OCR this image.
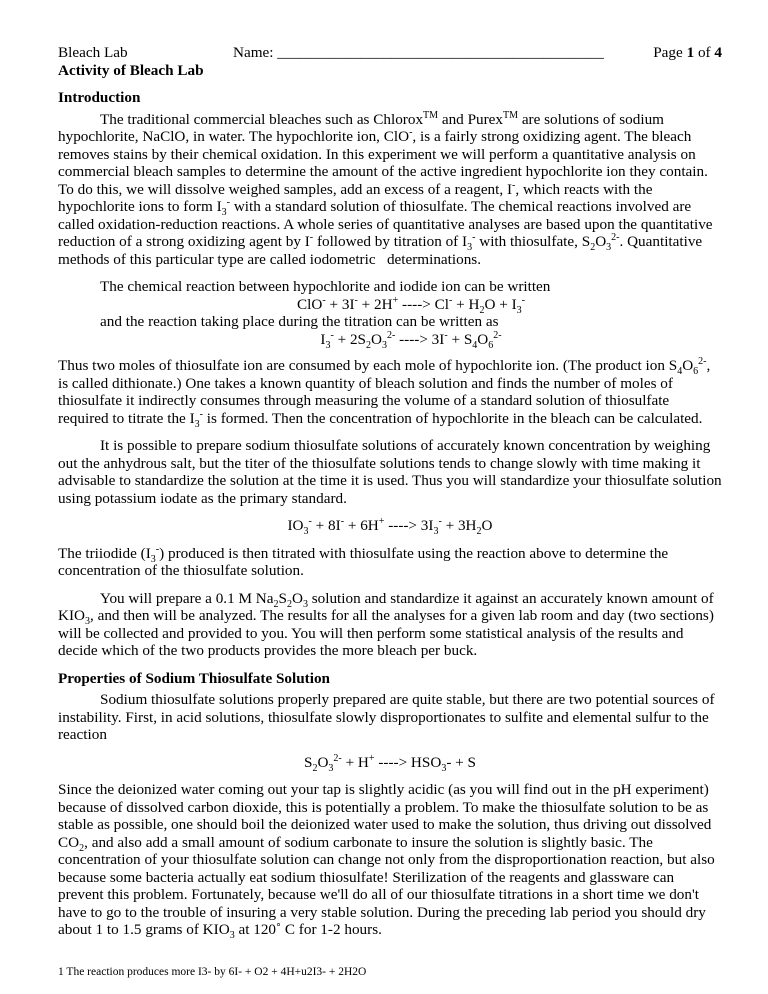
Bleach Lab
Activity of Bleach Lab
Name: ___________________________________________	Page 1 of 4
Introduction

The traditional commercial bleaches such as Chlorox™ and Purex™ are solutions of sodium hypochlorite, NaClO, in water. The hypochlorite ion, ClO-, is a fairly strong oxidizing agent. The bleach removes stains by their chemical oxidation. In this experiment we will perform a quantitative analysis on commercial bleach samples to determine the amount of the active ingredient hypochlorite ion they contain. To do this, we will dissolve weighed samples, add an excess of a reagent, I-, which reacts with the hypochlorite ions to form $I_3^-$ with a standard solution of thiosulfate. The chemical reactions involved are called oxidation-reduction reactions. A whole series of quantitative analyses are based upon the quantitative reduction of a strong oxidizing agent by I- followed by titration of $I_3^-$ with thiosulfate, $S_2O_3^{2-}$. Quantitative methods of this particular type are called iodometric   determinations.

The chemical reaction between hypochlorite and iodide ion can be written
ClO- + 3I- + 2H+ ----> $Cl^- + H_2O + I_3^-$
and the reaction taking place during the titration can be written as
$I_3^- + 2S_2O_3^{2-}$ ----> $3I^- + S_4O_6^{2-}$

Thus two moles of thiosulfate ion are consumed by each mole of hypochlorite ion. (The product ion $S_4O_6^{2-}$, is called dithionate.) One takes a known quantity of bleach solution and finds the number of moles of thiosulfate it indirectly consumes through measuring the volume of a standard solution of thiosulfate required to titrate the $I_3^-$ is formed. Then the concentration of hypochlorite in the bleach can be calculated.

It is possible to prepare sodium thiosulfate solutions of accurately known concentration by weighing out the anhydrous salt, but the titer of the thiosulfate solutions tends to change slowly with time making it advisable to standardize the solution at the time it is used. Thus you will standardize your thiosulfate solution using potassium iodate as the primary standard.

$IO_3^- + 8I^- + 6H^+$ ----> $3I_3^- + 3H_2O$

The triiodide $(I_3^-)$ produced is then titrated with thiosulfate using the reaction above to determine the concentration of the thiosulfate solution.

You will prepare a 0.1 M $Na_2S_2O_3$ solution and standardize it against an accurately known amount of $KIO_3$, and then will be analyzed. The results for all the analyses for a given lab room and day (two sections) will be collected and provided to you. You will then perform some statistical analysis of the results and decide which of the two products provides the more bleach per buck.

Properties of Sodium Thiosulfate Solution

Sodium thiosulfate solutions properly prepared are quite stable, but there are two potential sources of instability. First, in acid solutions, thiosulfate slowly disproportionates to sulfite and elemental sulfur to the reaction

$S_2O_3^{2-} + H^+$ ----> $HSO_3- + S$

Since the deionized water coming out your tap is slightly acidic (as you will find out in the pH experiment) because of dissolved carbon dioxide, this is potentially a problem. To make the thiosulfate solution to be as stable as possible, one should boil the deionized water used to make the solution, thus driving out dissolved $CO_2$, and also add a small amount of sodium carbonate to insure the solution is slightly basic. The concentration of your thiosulfate solution can change not only from the disproportionation reaction, but also because some bacteria actually eat sodium thiosulfate! Sterilization of the reagents and glassware can prevent this problem. Fortunately, because we'll do all of our thiosulfate titrations in a short time we don't have to go to the trouble of insuring a very stable solution. During the preceding lab period you should dry about 1 to 1.5 grams of $KIO_3$ at 120˚ C for 1-2 hours.

1 The reaction produces more I3- by 6I- + O2 + 4H+u2I3- + 2H2O
